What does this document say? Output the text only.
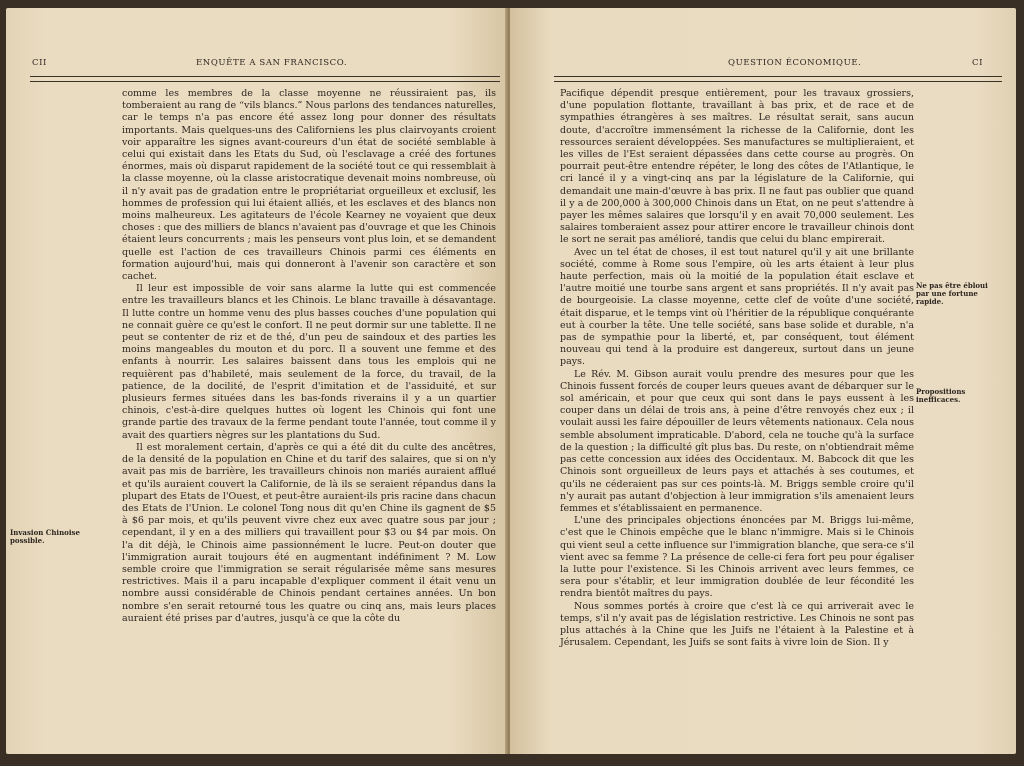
CII	ENQUÊTE A SAN FRANCISCO.
Invasion Chinoise possible.

comme les membres de la classe moyenne ne réussiraient pas, ils tomberaient au rang de “vils blancs.” Nous parlons des tendances naturelles, car le temps n'a pas encore été assez long pour donner des résultats importants. Mais quelques-uns des Californiens les plus clairvoyants croient voir apparaître les signes avant-coureurs d'un état de société semblable à celui qui existait dans les Etats du Sud, où l'esclavage a créé des fortunes énormes, mais où disparut rapidement de la société tout ce qui ressemblait à la classe moyenne, où la classe aristocratique devenait moins nombreuse, où il n'y avait pas de gradation entre le propriétariat orgueilleux et exclusif, les hommes de profession qui lui étaient alliés, et les esclaves et des blancs non moins malheureux. Les agitateurs de l'école Kearney ne voyaient que deux choses : que des milliers de blancs n'avaient pas d'ouvrage et que les Chinois étaient leurs concurrents ; mais les penseurs vont plus loin, et se demandent quelle est l'action de ces travailleurs Chinois parmi ces éléments en formation aujourd'hui, mais qui donneront à l'avenir son caractère et son cachet.

Il leur est impossible de voir sans alarme la lutte qui est commencée entre les travailleurs blancs et les Chinois. Le blanc travaille à désavantage. Il lutte contre un homme venu des plus basses couches d'une population qui ne connait guère ce qu'est le confort. Il ne peut dormir sur une tablette. Il ne peut se contenter de riz et de thé, d'un peu de saindoux et des parties les moins mangeables du mouton et du porc. Il a souvent une femme et des enfants à nourrir. Les salaires baissent dans tous les emplois qui ne requièrent pas d'habileté, mais seulement de la force, du travail, de la patience, de la docilité, de l'esprit d'imitation et de l'assiduité, et sur plusieurs fermes situées dans les bas-fonds riverains il y a un quartier chinois, c'est-à-dire quelques huttes où logent les Chinois qui font une grande partie des travaux de la ferme pendant toute l'année, tout comme il y avait des quartiers nègres sur les plantations du Sud.

Il est moralement certain, d'après ce qui a été dit du culte des ancêtres, de la densité de la population en Chine et du tarif des salaires, que si on n'y avait pas mis de barrière, les travailleurs chinois non mariés auraient afflué et qu'ils auraient couvert la Californie, de là ils se seraient répandus dans la plupart des Etats de l'Ouest, et peut-être auraient-ils pris racine dans chacun des Etats de l'Union. Le colonel Tong nous dit qu'en Chine ils gagnent de $5 à $6 par mois, et qu'ils peuvent vivre chez eux avec quatre sous par jour ; cependant, il y en a des milliers qui travaillent pour $3 ou $4 par mois. On l'a dit déjà, le Chinois aime passionnément le lucre. Peut-on douter que l'immigration aurait toujours été en augmentant indéfiniment ? M. Low semble croire que l'immigration se serait régularisée même sans mesures restrictives. Mais il a paru incapable d'expliquer comment il était venu un nombre aussi considérable de Chinois pendant certaines années. Un bon nombre s'en serait retourné tous les quatre ou cinq ans, mais leurs places auraient été prises par d'autres, jusqu'à ce que la côte du

QUESTION ÉCONOMIQUE.	CI
Ne pas être ébloui par une fortune rapide.
Propositions inefficaces.

Pacifique dépendit presque entièrement, pour les travaux grossiers, d'une population flottante, travaillant à bas prix, et de race et de sympathies étrangères à ses maîtres. Le résultat serait, sans aucun doute, d'accroître immensément la richesse de la Californie, dont les ressources seraient développées. Ses manufactures se multiplieraient, et les villes de l'Est seraient dépassées dans cette course au progrès. On pourrait peut-être entendre répéter, le long des côtes de l'Atlantique, le cri lancé il y a vingt-cinq ans par la législature de la Californie, qui demandait une main-d'œuvre à bas prix. Il ne faut pas oublier que quand il y a de 200,000 à 300,000 Chinois dans un Etat, on ne peut s'attendre à payer les mêmes salaires que lorsqu'il y en avait 70,000 seulement. Les salaires tomberaient assez pour attirer encore le travailleur chinois dont le sort ne serait pas amélioré, tandis que celui du blanc empirerait.

Avec un tel état de choses, il est tout naturel qu'il y ait une brillante société, comme à Rome sous l'empire, où les arts étaient à leur plus haute perfection, mais où la moitié de la population était esclave et l'autre moitié une tourbe sans argent et sans propriétés. Il n'y avait pas de bourgeoisie. La classe moyenne, cette clef de voûte d'une société, était disparue, et le temps vint où l'héritier de la république conquérante eut à courber la tête. Une telle société, sans base solide et durable, n'a pas de sympathie pour la liberté, et, par conséquent, tout élément nouveau qui tend à la produire est dangereux, surtout dans un jeune pays.

Le Rév. M. Gibson aurait voulu prendre des mesures pour que les Chinois fussent forcés de couper leurs queues avant de débarquer sur le sol américain, et pour que ceux qui sont dans le pays eussent à les couper dans un délai de trois ans, à peine d'être renvoyés chez eux ; il voulait aussi les faire dépouiller de leurs vêtements nationaux. Cela nous semble absolument impraticable. D'abord, cela ne touche qu'à la surface de la question ; la difficulté gît plus bas. Du reste, on n'obtiendrait même pas cette concession aux idées des Occidentaux. M. Babcock dit que les Chinois sont orgueilleux de leurs pays et attachés à ses coutumes, et qu'ils ne céderaient pas sur ces points-là. M. Briggs semble croire qu'il n'y aurait pas autant d'objection à leur immigration s'ils amenaient leurs femmes et s'établissaient en permanence.

L'une des principales objections énoncées par M. Briggs lui-même, c'est que le Chinois empêche que le blanc n'immigre. Mais si le Chinois qui vient seul a cette influence sur l'immigration blanche, que sera-ce s'il vient avec sa femme ? La présence de celle-ci fera fort peu pour égaliser la lutte pour l'existence. Si les Chinois arrivent avec leurs femmes, ce sera pour s'établir, et leur immigration doublée de leur fécondité les rendra bientôt maîtres du pays.

Nous sommes portés à croire que c'est là ce qui arriverait avec le temps, s'il n'y avait pas de législation restrictive. Les Chinois ne sont pas plus attachés à la Chine que les Juifs ne l'étaient à la Palestine et à Jérusalem. Cependant, les Juifs se sont faits à vivre loin de Sion. Il y
